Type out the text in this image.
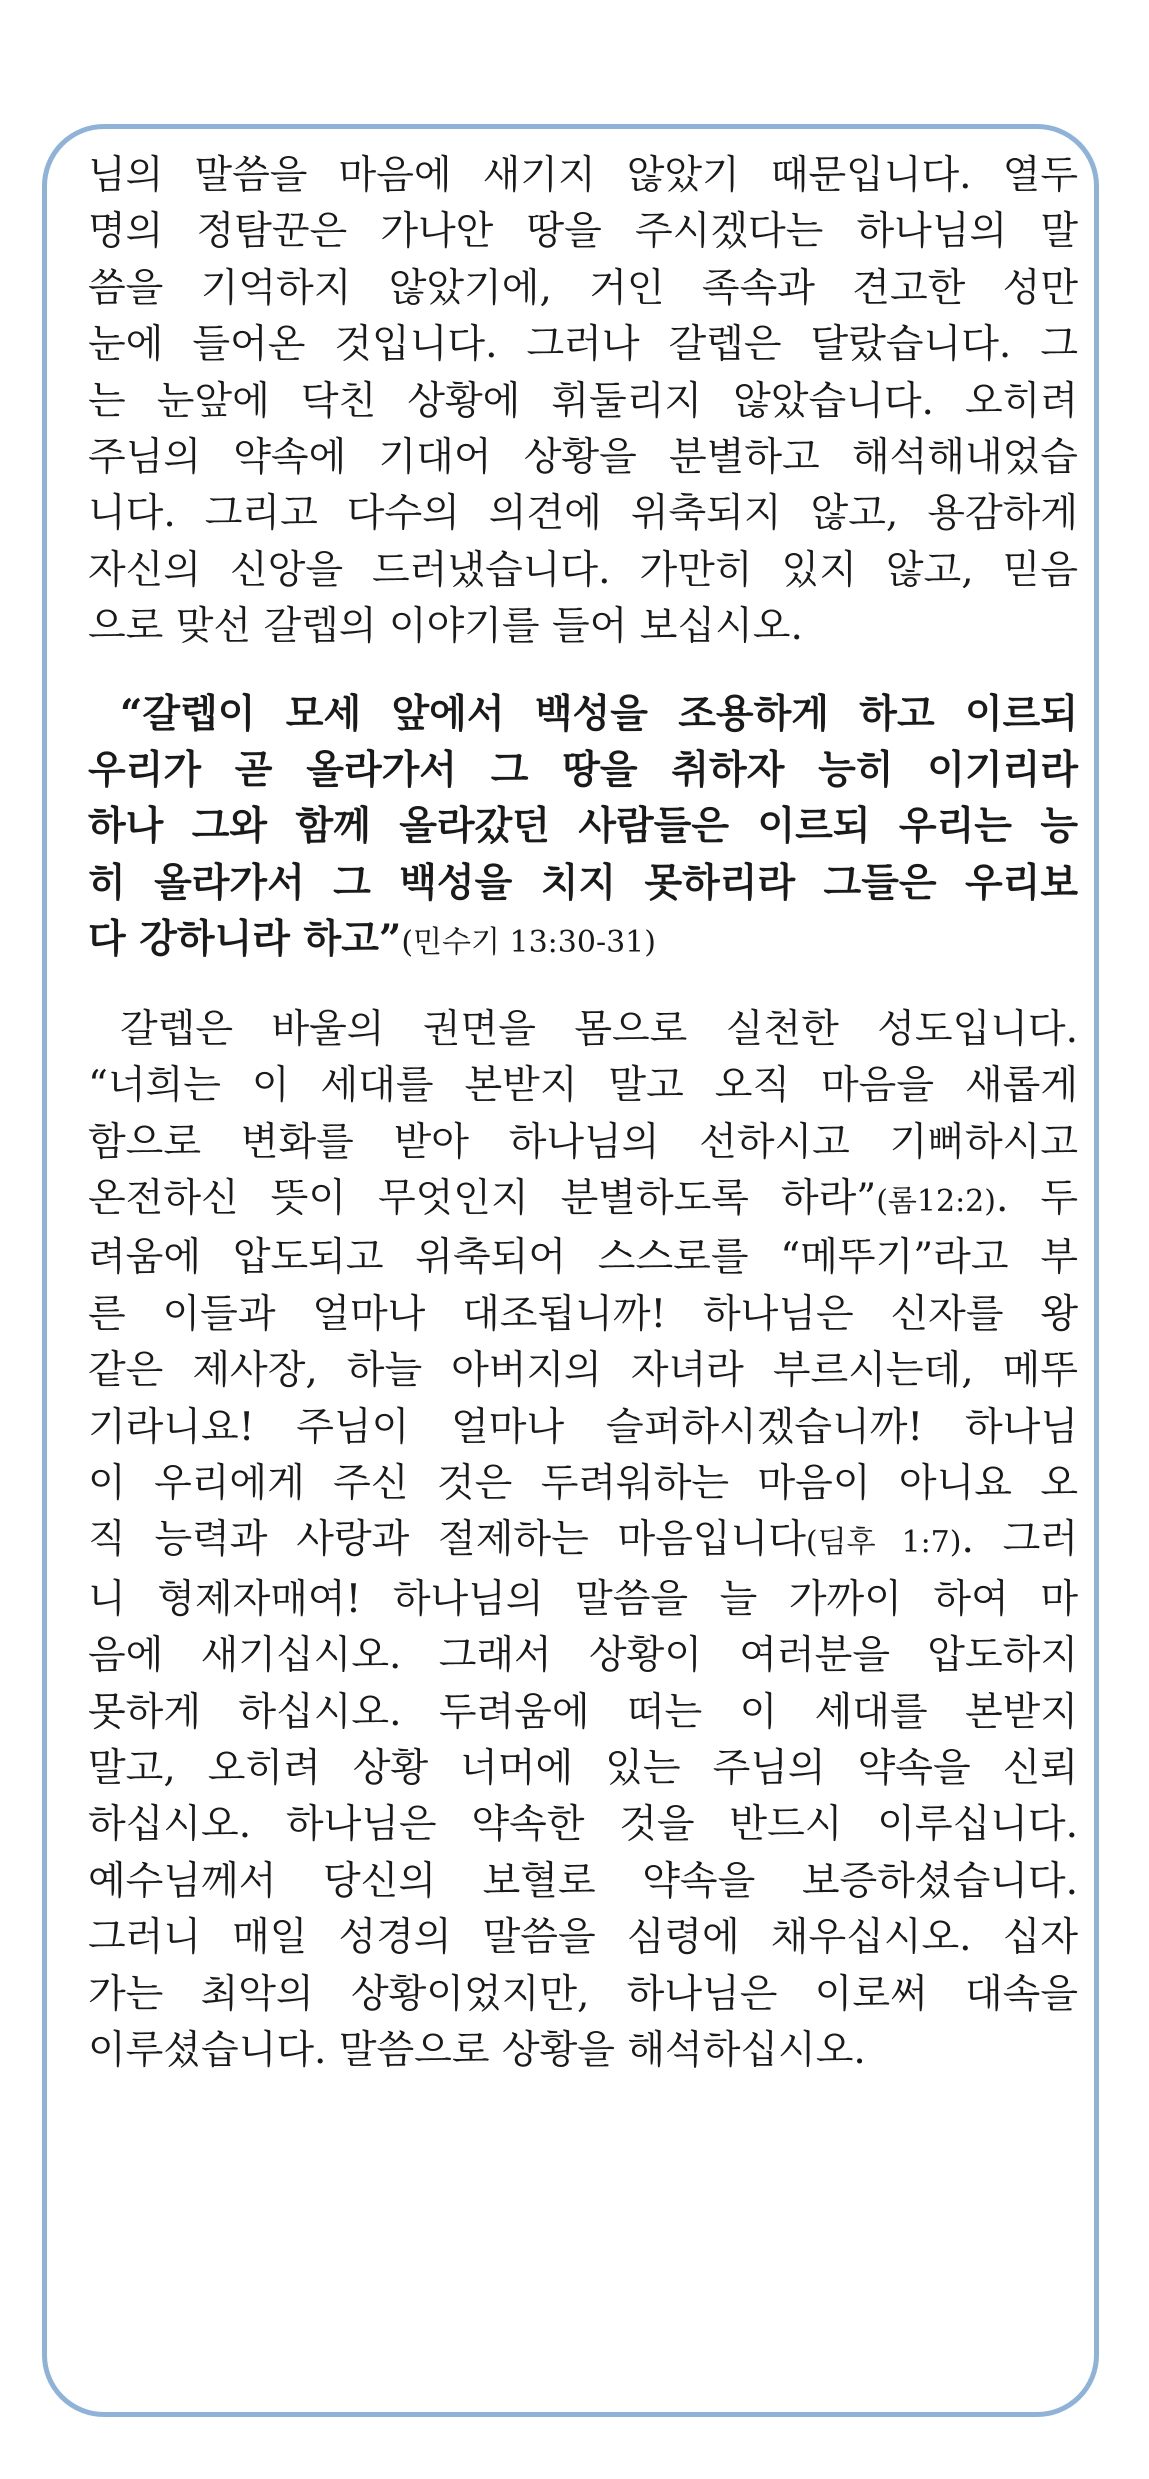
님의 말씀을 마음에 새기지 않았기 때문입니다. 열두
명의 정탐꾼은 가나안 땅을 주시겠다는 하나님의 말
씀을 기억하지 않았기에, 거인 족속과 견고한 성만
눈에 들어온 것입니다. 그러나 갈렙은 달랐습니다. 그
는 눈앞에 닥친 상황에 휘둘리지 않았습니다. 오히려
주님의 약속에 기대어 상황을 분별하고 해석해내었습
니다. 그리고 다수의 의견에 위축되지 않고, 용감하게
자신의 신앙을 드러냈습니다. 가만히 있지 않고, 믿음
으로 맞선 갈렙의 이야기를 들어 보십시오.
“갈렙이 모세 앞에서 백성을 조용하게 하고 이르되
우리가 곧 올라가서 그 땅을 취하자 능히 이기리라
하나 그와 함께 올라갔던 사람들은 이르되 우리는 능
히 올라가서 그 백성을 치지 못하리라 그들은 우리보
다 강하니라 하고”(민수기 13:30-31)
갈렙은 바울의 권면을 몸으로 실천한 성도입니다.
“너희는 이 세대를 본받지 말고 오직 마음을 새롭게
함으로 변화를 받아 하나님의 선하시고 기뻐하시고
온전하신 뜻이 무엇인지 분별하도록 하라”(롬12:2). 두
려움에 압도되고 위축되어 스스로를 “메뚜기”라고 부
른 이들과 얼마나 대조됩니까! 하나님은 신자를 왕
같은 제사장, 하늘 아버지의 자녀라 부르시는데, 메뚜
기라니요! 주님이 얼마나 슬퍼하시겠습니까! 하나님
이 우리에게 주신 것은 두려워하는 마음이 아니요 오
직 능력과 사랑과 절제하는 마음입니다(딤후 1:7). 그러
니 형제자매여! 하나님의 말씀을 늘 가까이 하여 마
음에 새기십시오. 그래서 상황이 여러분을 압도하지
못하게 하십시오. 두려움에 떠는 이 세대를 본받지
말고, 오히려 상황 너머에 있는 주님의 약속을 신뢰
하십시오. 하나님은 약속한 것을 반드시 이루십니다.
예수님께서 당신의 보혈로 약속을 보증하셨습니다.
그러니 매일 성경의 말씀을 심령에 채우십시오. 십자
가는 최악의 상황이었지만, 하나님은 이로써 대속을
이루셨습니다. 말씀으로 상황을 해석하십시오.
